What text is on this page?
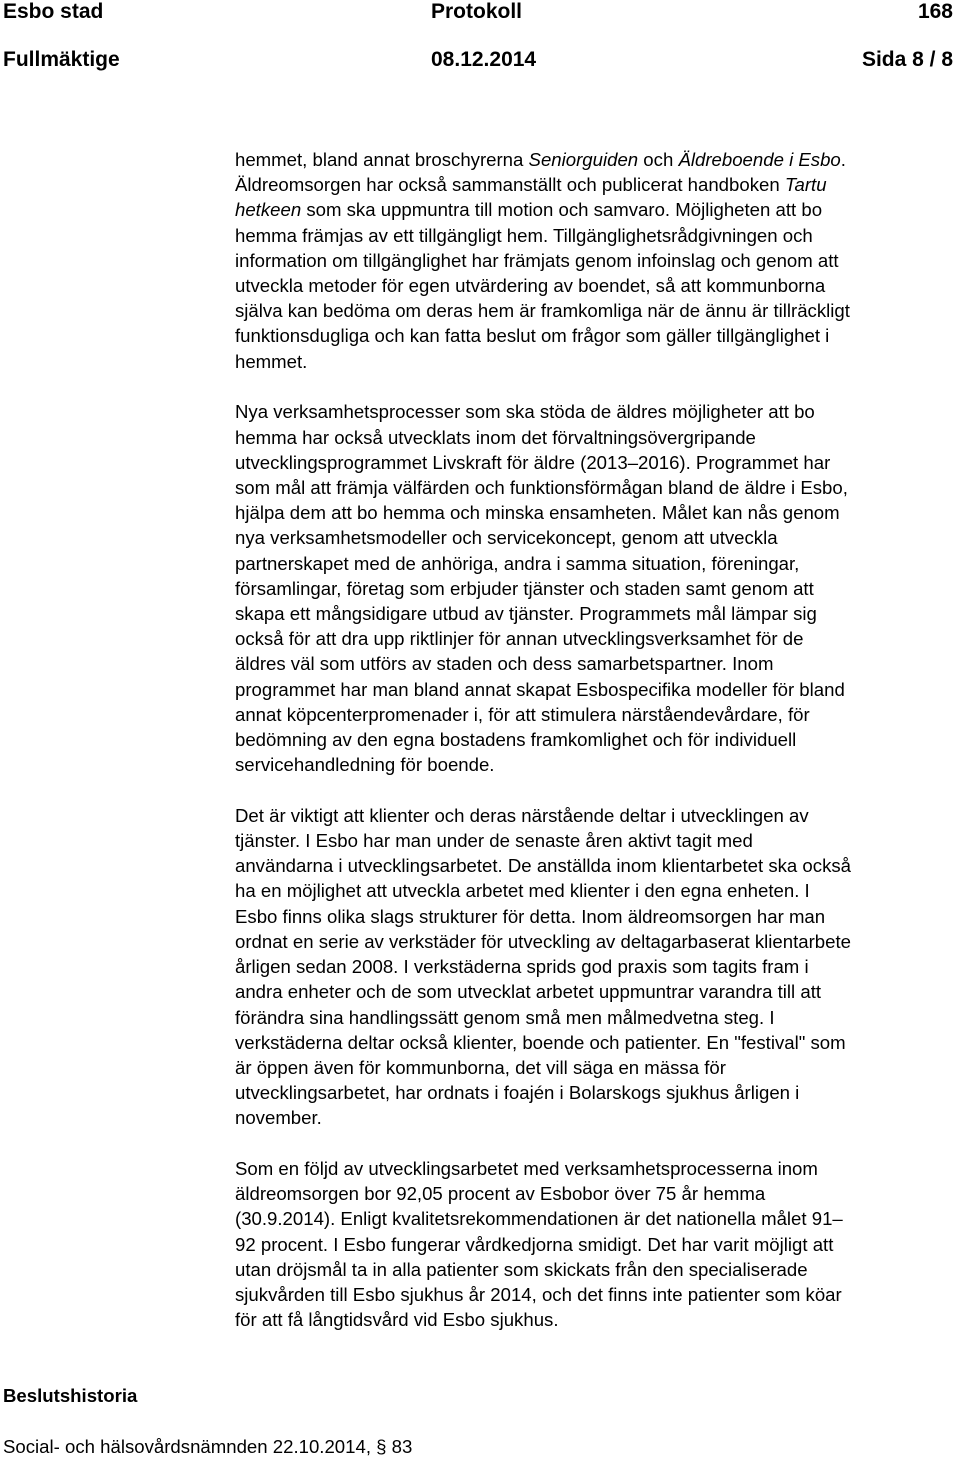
Esbo stad	Protokoll	168
Fullmäktige	08.12.2014	Sida 8 / 8

hemmet, bland annat broschyrerna Seniorguiden och Äldreboende i Esbo.
Äldreomsorgen har också sammanställt och publicerat handboken Tartu
hetkeen som ska uppmuntra till motion och samvaro. Möjligheten att bo
hemma främjas av ett tillgängligt hem. Tillgänglighetsrådgivningen och
information om tillgänglighet har främjats genom infoinslag och genom att
utveckla metoder för egen utvärdering av boendet, så att kommunborna
själva kan bedöma om deras hem är framkomliga när de ännu är tillräckligt
funktionsdugliga och kan fatta beslut om frågor som gäller tillgänglighet i
hemmet.

Nya verksamhetsprocesser som ska stöda de äldres möjligheter att bo
hemma har också utvecklats inom det förvaltningsövergripande
utvecklingsprogrammet Livskraft för äldre (2013–2016). Programmet har
som mål att främja välfärden och funktionsförmågan bland de äldre i Esbo,
hjälpa dem att bo hemma och minska ensamheten. Målet kan nås genom
nya verksamhetsmodeller och servicekoncept, genom att utveckla
partnerskapet med de anhöriga, andra i samma situation, föreningar,
församlingar, företag som erbjuder tjänster och staden samt genom att
skapa ett mångsidigare utbud av tjänster. Programmets mål lämpar sig
också för att dra upp riktlinjer för annan utvecklingsverksamhet för de
äldres väl som utförs av staden och dess samarbetspartner. Inom
programmet har man bland annat skapat Esbospecifika modeller för bland
annat köpcenterpromenader i, för att stimulera närståendevårdare, för
bedömning av den egna bostadens framkomlighet och för individuell
servicehandledning för boende.

Det är viktigt att klienter och deras närstående deltar i utvecklingen av
tjänster. I Esbo har man under de senaste åren aktivt tagit med
användarna i utvecklingsarbetet. De anställda inom klientarbetet ska också
ha en möjlighet att utveckla arbetet med klienter i den egna enheten. I
Esbo finns olika slags strukturer för detta. Inom äldreomsorgen har man
ordnat en serie av verkstäder för utveckling av deltagarbaserat klientarbete
årligen sedan 2008. I verkstäderna sprids god praxis som tagits fram i
andra enheter och de som utvecklat arbetet uppmuntrar varandra till att
förändra sina handlingssätt genom små men målmedvetna steg. I
verkstäderna deltar också klienter, boende och patienter. En "festival" som
är öppen även för kommunborna, det vill säga en mässa för
utvecklingsarbetet, har ordnats i foajén i Bolarskogs sjukhus årligen i
november.

Som en följd av utvecklingsarbetet med verksamhetsprocesserna inom
äldreomsorgen bor 92,05 procent av Esbobor över 75 år hemma
(30.9.2014). Enligt kvalitetsrekommendationen är det nationella målet 91–
92 procent. I Esbo fungerar vårdkedjorna smidigt. Det har varit möjligt att
utan dröjsmål ta in alla patienter som skickats från den specialiserade
sjukvården till Esbo sjukhus år 2014, och det finns inte patienter som köar
för att få långtidsvård vid Esbo sjukhus.

Beslutshistoria
Social- och hälsovårdsnämnden 22.10.2014, § 83
